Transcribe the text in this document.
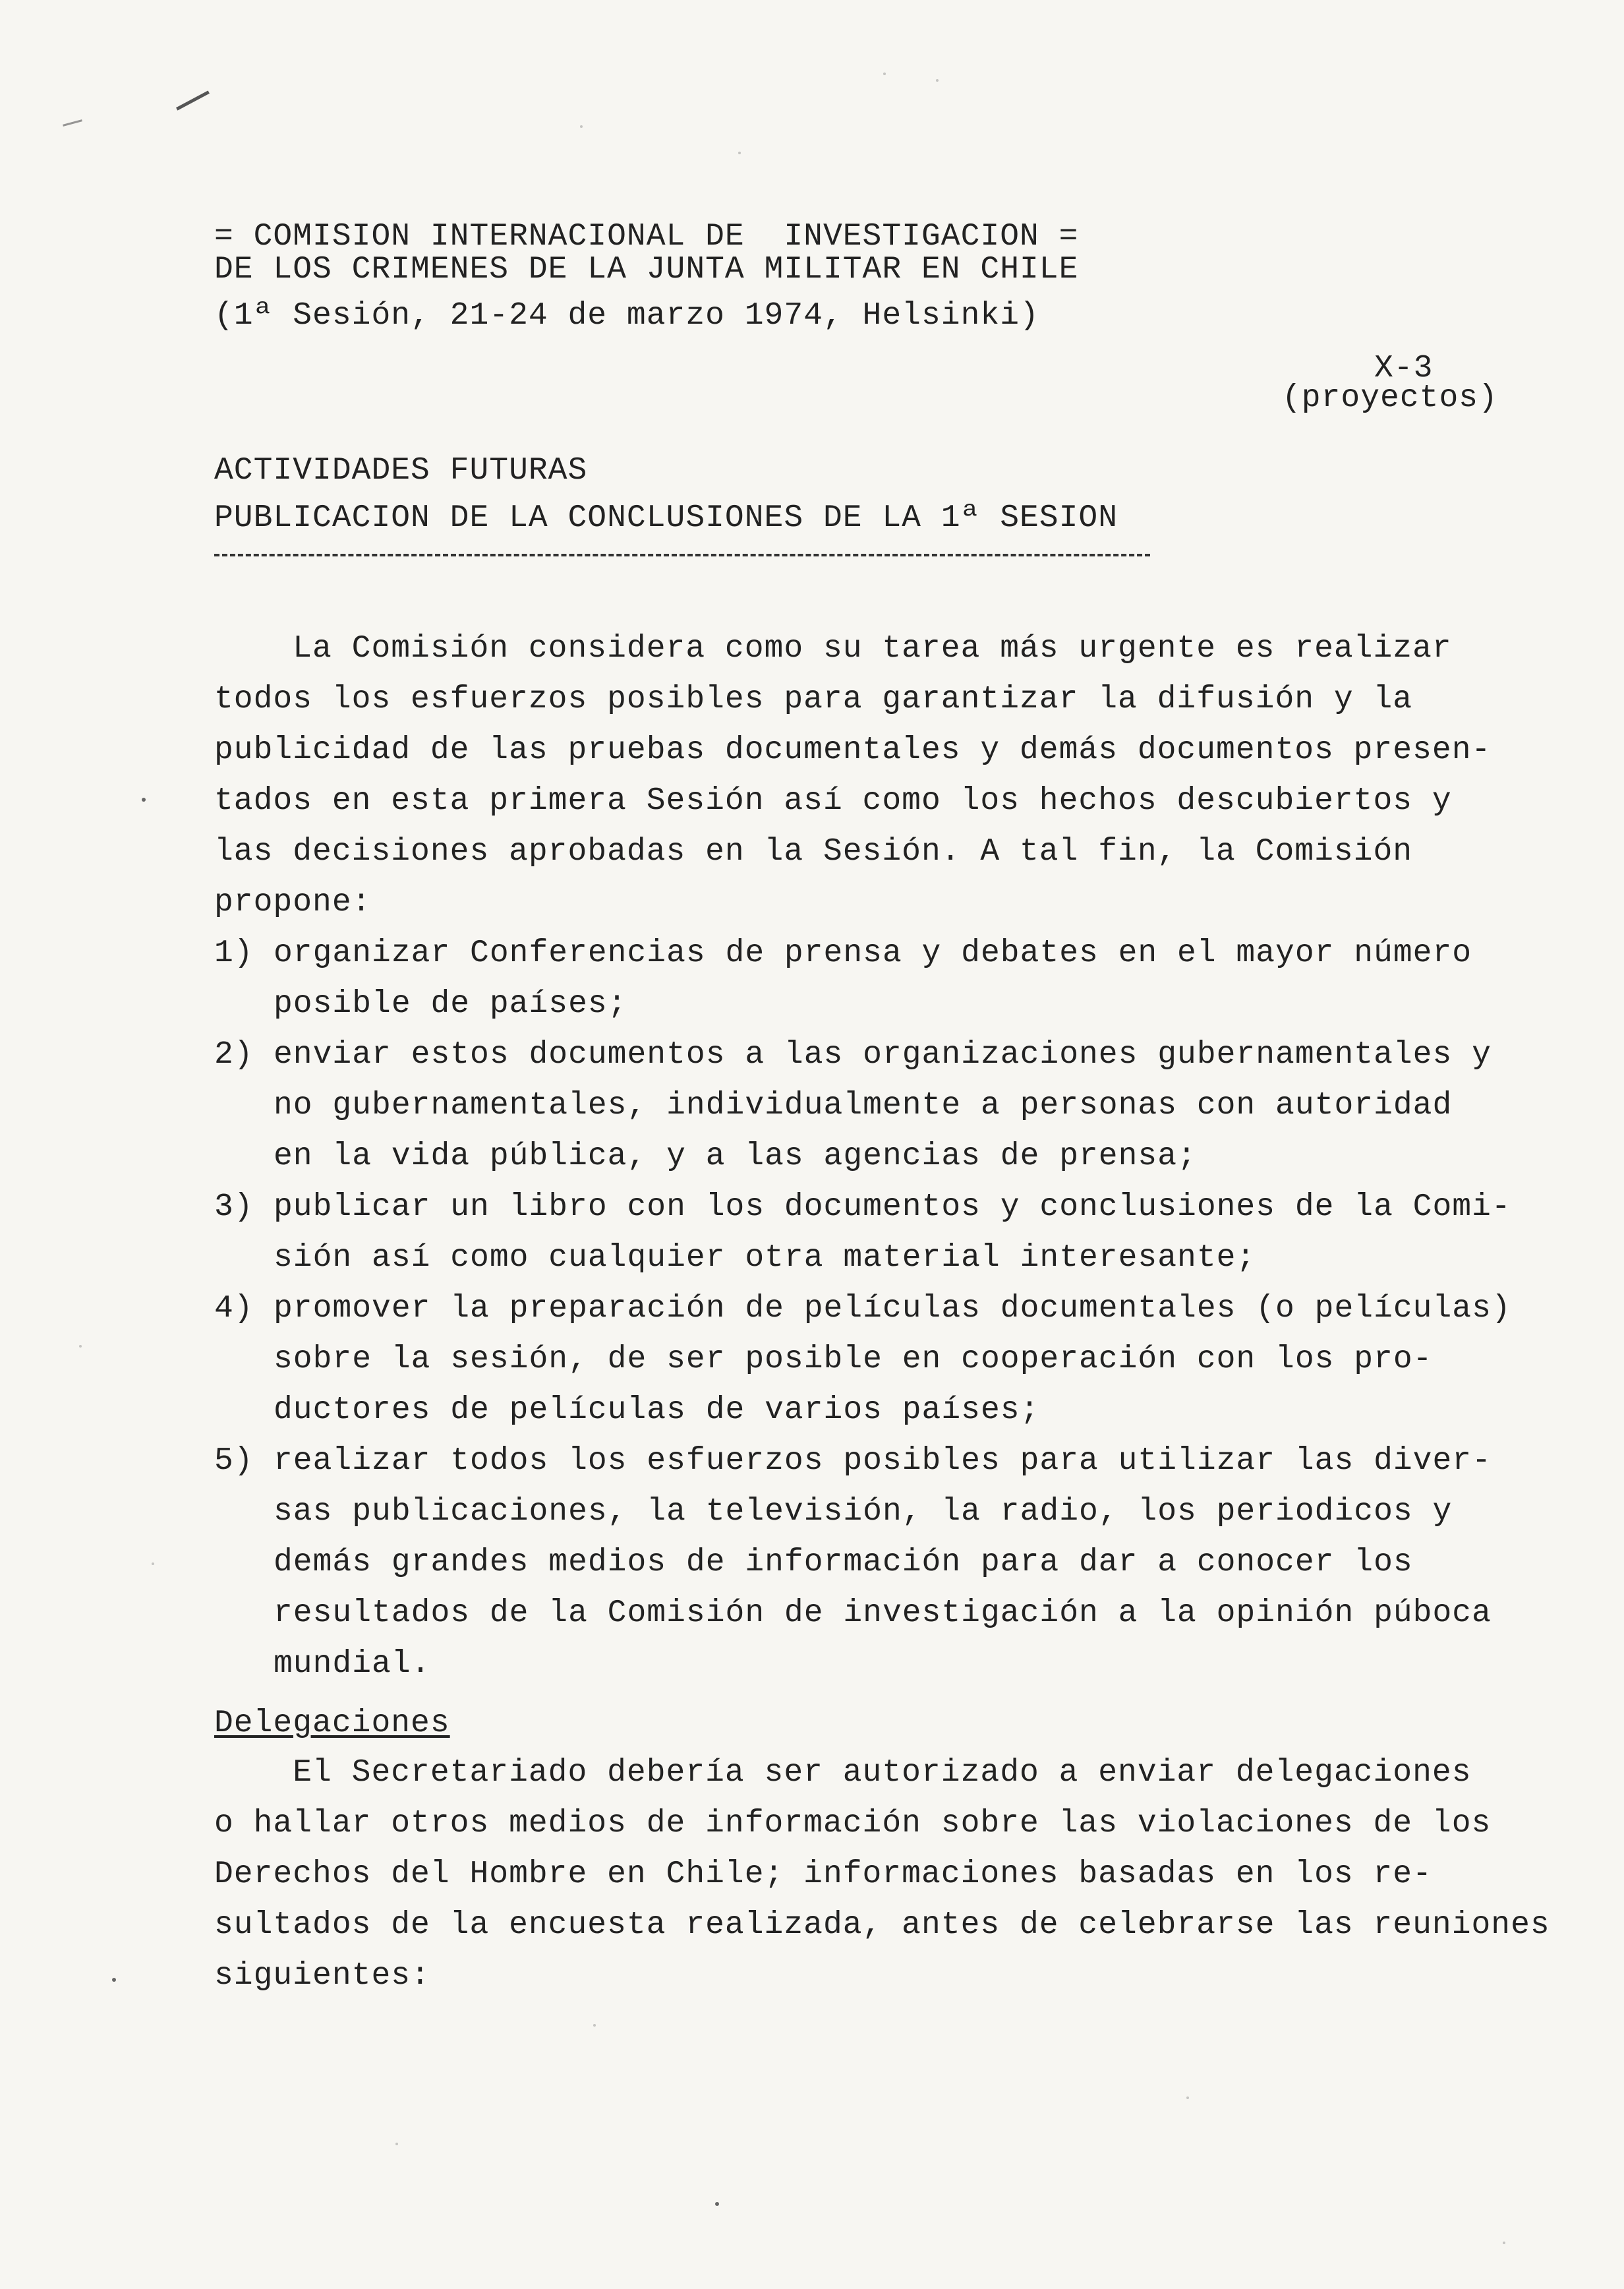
= COMISION INTERNACIONAL DE  INVESTIGACION =
DE LOS CRIMENES DE LA JUNTA MILITAR EN CHILE
(1ª Sesión, 21-24 de marzo 1974, Helsinki)
X-3
(proyectos)
ACTIVIDADES FUTURAS
PUBLICACION DE LA CONCLUSIONES DE LA 1ª SESION
La Comisión considera como su tarea más urgente es realizar
todos los esfuerzos posibles para garantizar la difusión y la
publicidad de las pruebas documentales y demás documentos presen-
tados en esta primera Sesión así como los hechos descubiertos y
las decisiones aprobadas en la Sesión. A tal fin, la Comisión
propone:
1) organizar Conferencias de prensa y debates en el mayor número
posible de países;
2) enviar estos documentos a las organizaciones gubernamentales y
no gubernamentales, individualmente a personas con autoridad
en la vida pública, y a las agencias de prensa;
3) publicar un libro con los documentos y conclusiones de la Comi-
sión así como cualquier otra material interesante;
4) promover la preparación de películas documentales (o películas)
sobre la sesión, de ser posible en cooperación con los pro-
ductores de películas de varios países;
5) realizar todos los esfuerzos posibles para utilizar las diver-
sas publicaciones, la televisión, la radio, los periodicos y
demás grandes medios de información para dar a conocer los
resultados de la Comisión de investigación a la opinión púboca
mundial.
Delegaciones
El Secretariado debería ser autorizado a enviar delegaciones
o hallar otros medios de información sobre las violaciones de los
Derechos del Hombre en Chile; informaciones basadas en los re-
sultados de la encuesta realizada, antes de celebrarse las reuniones
siguientes:
